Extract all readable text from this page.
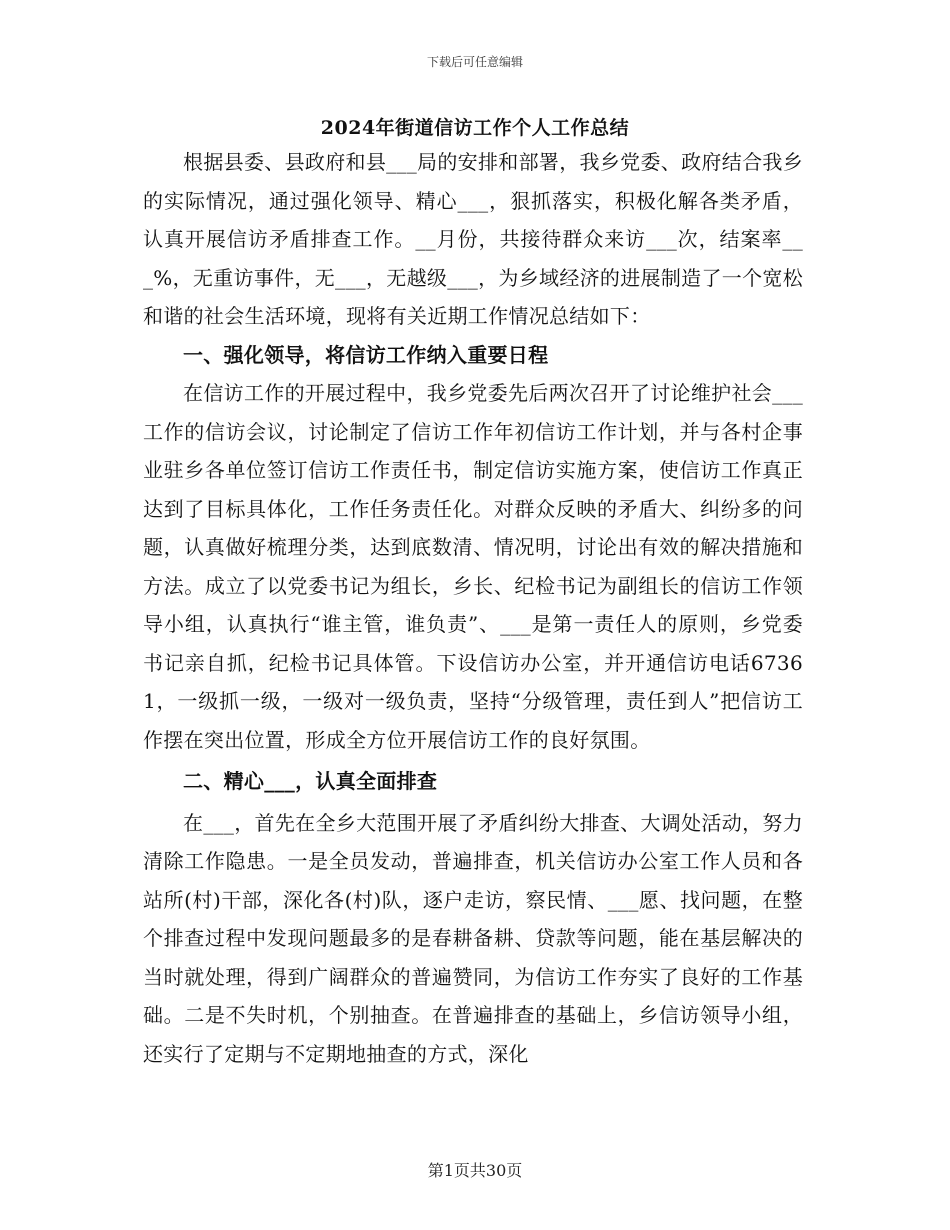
下载后可任意编辑
2024年街道信访工作个人工作总结

根据县委、县政府和县___局的安排和部署，我乡党委、政府结合我乡的实际情况，通过强化领导、精心___，狠抓落实，积极化解各类矛盾，认真开展信访矛盾排查工作。__月份，共接待群众来访___次，结案率___%，无重访事件，无___，无越级___，为乡域经济的进展制造了一个宽松和谐的社会生活环境，现将有关近期工作情况总结如下：

一、强化领导，将信访工作纳入重要日程

在信访工作的开展过程中，我乡党委先后两次召开了讨论维护社会___工作的信访会议，讨论制定了信访工作年初信访工作计划，并与各村企事业驻乡各单位签订信访工作责任书，制定信访实施方案，使信访工作真正达到了目标具体化，工作任务责任化。对群众反映的矛盾大、纠纷多的问题，认真做好梳理分类，达到底数清、情况明，讨论出有效的解决措施和方法。成立了以党委书记为组长，乡长、纪检书记为副组长的信访工作领导小组，认真执行“谁主管，谁负责”、___是第一责任人的原则，乡党委书记亲自抓，纪检书记具体管。下设信访办公室，并开通信访电话67361，一级抓一级，一级对一级负责，坚持“分级管理，责任到人”把信访工作摆在突出位置，形成全方位开展信访工作的良好氛围。

二、精心___，认真全面排查

在___，首先在全乡大范围开展了矛盾纠纷大排查、大调处活动，努力清除工作隐患。一是全员发动，普遍排查，机关信访办公室工作人员和各站所(村)干部，深化各(村)队，逐户走访，察民情、___愿、找问题，在整个排查过程中发现问题最多的是春耕备耕、贷款等问题，能在基层解决的当时就处理，得到广阔群众的普遍赞同，为信访工作夯实了良好的工作基础。二是不失时机，个别抽查。在普遍排查的基础上，乡信访领导小组，还实行了定期与不定期地抽查的方式，深化

第1页共30页
